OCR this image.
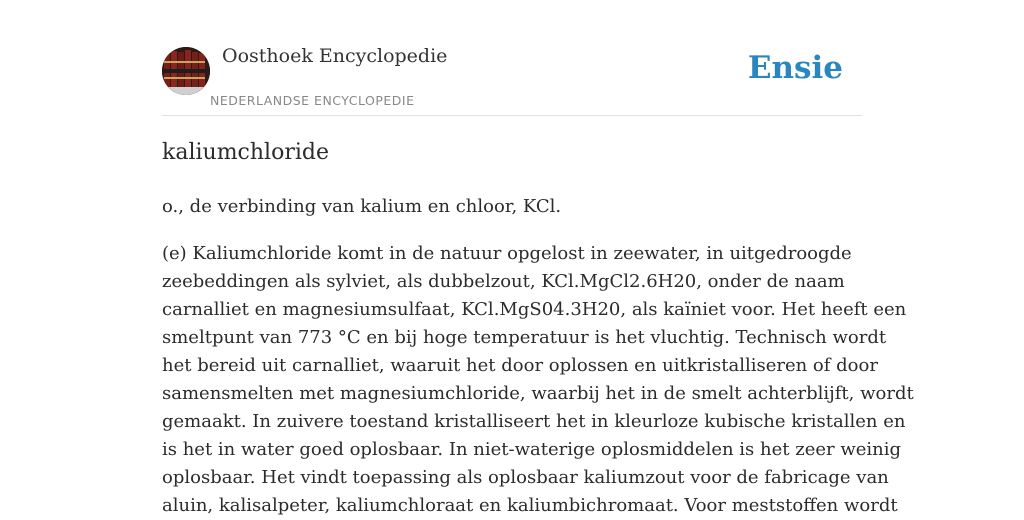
Oosthoek Encyclopedie
NEDERLANDSE ENCYCLOPEDIE
Ensie
kaliumchloride

o., de verbinding van kalium en chloor, KCl.

(e) Kaliumchloride komt in de natuur opgelost in zeewater, in uitgedroogde
zeebeddingen als sylviet, als dubbelzout, KCl.MgCl2.6H20, onder de naam
carnalliet en magnesiumsulfaat, KCl.MgS04.3H20, als kaïniet voor. Het heeft een
smeltpunt van 773 °C en bij hoge temperatuur is het vluchtig. Technisch wordt
het bereid uit carnalliet, waaruit het door oplossen en uitkristalliseren of door
samensmelten met magnesiumchloride, waarbij het in de smelt achterblijft, wordt
gemaakt. In zuivere toestand kristalliseert het in kleurloze kubische kristallen en
is het in water goed oplosbaar. In niet-waterige oplosmiddelen is het zeer weinig
oplosbaar. Het vindt toepassing als oplosbaar kaliumzout voor de fabricage van
aluin, kalisalpeter, kaliumchloraat en kaliumbichromaat. Voor meststoffen wordt
